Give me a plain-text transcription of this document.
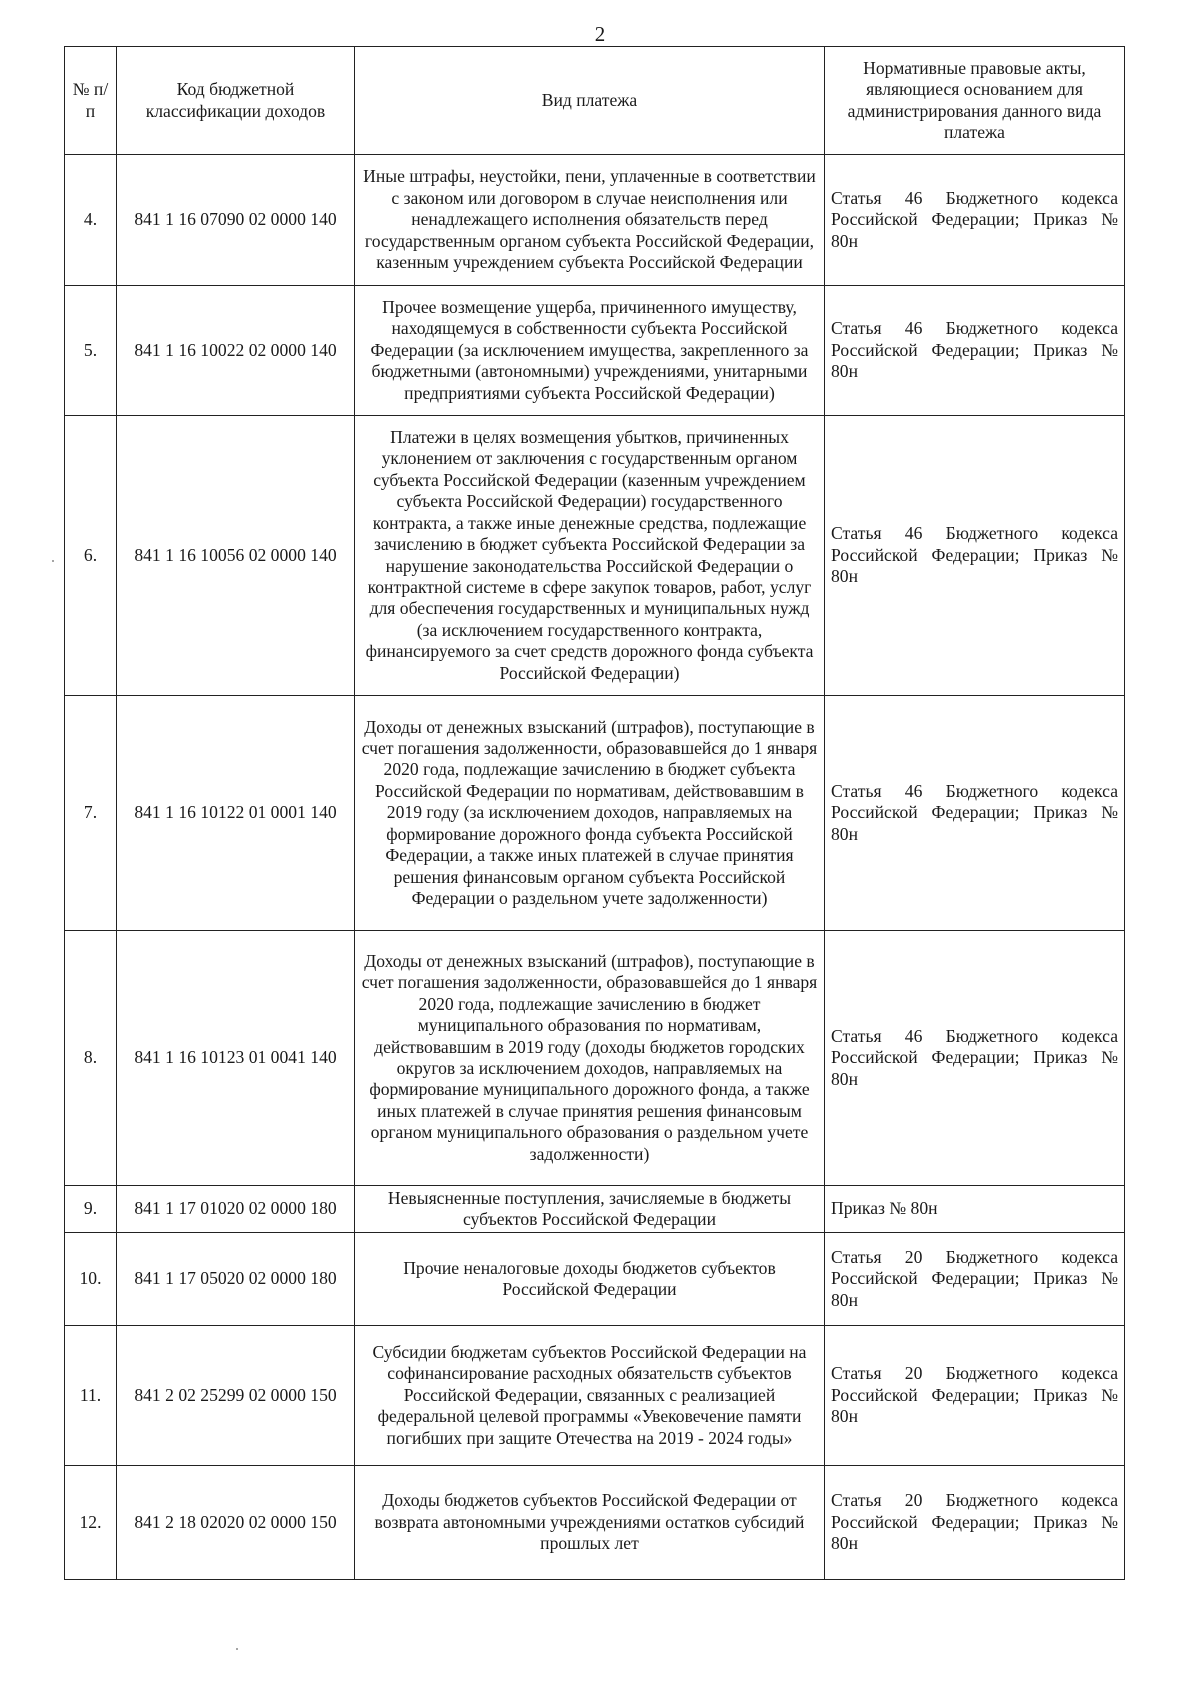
2
№ п/п	Код бюджетной классификации доходов	Вид платежа	Нормативные правовые акты, являющиеся основанием для администрирования данного вида платежа
4.	841 1 16 07090 02 0000 140	Иные штрафы, неустойки, пени, уплаченные в соответствии с законом или договором в случае неисполнения или ненадлежащего исполнения обязательств перед государственным органом субъекта Российской Федерации, казенным учреждением субъекта Российской Федерации	Статья 46 Бюджетного кодекса Российской Федерации; Приказ № 80н
5.	841 1 16 10022 02 0000 140	Прочее возмещение ущерба, причиненного имуществу, находящемуся в собственности субъекта Российской Федерации (за исключением имущества, закрепленного за бюджетными (автономными) учреждениями, унитарными предприятиями субъекта Российской Федерации)	Статья 46 Бюджетного кодекса Российской Федерации; Приказ № 80н
6.	841 1 16 10056 02 0000 140	Платежи в целях возмещения убытков, причиненных уклонением от заключения с государственным органом субъекта Российской Федерации (казенным учреждением субъекта Российской Федерации) государственного контракта, а также иные денежные средства, подлежащие зачислению в бюджет субъекта Российской Федерации за нарушение законодательства Российской Федерации о контрактной системе в сфере закупок товаров, работ, услуг для обеспечения государственных и муниципальных нужд (за исключением государственного контракта, финансируемого за счет средств дорожного фонда субъекта Российской Федерации)	Статья 46 Бюджетного кодекса Российской Федерации; Приказ № 80н
7.	841 1 16 10122 01 0001 140	Доходы от денежных взысканий (штрафов), поступающие в счет погашения задолженности, образовавшейся до 1 января 2020 года, подлежащие зачислению в бюджет субъекта Российской Федерации по нормативам, действовавшим в 2019 году (за исключением доходов, направляемых на формирование дорожного фонда субъекта Российской Федерации, а также иных платежей в случае принятия решения финансовым органом субъекта Российской Федерации о раздельном учете задолженности)	Статья 46 Бюджетного кодекса Российской Федерации; Приказ № 80н
8.	841 1 16 10123 01 0041 140	Доходы от денежных взысканий (штрафов), поступающие в счет погашения задолженности, образовавшейся до 1 января 2020 года, подлежащие зачислению в бюджет муниципального образования по нормативам, действовавшим в 2019 году (доходы бюджетов городских округов за исключением доходов, направляемых на формирование муниципального дорожного фонда, а также иных платежей в случае принятия решения финансовым органом муниципального образования о раздельном учете задолженности)	Статья 46 Бюджетного кодекса Российской Федерации; Приказ № 80н
9.	841 1 17 01020 02 0000 180	Невыясненные поступления, зачисляемые в бюджеты субъектов Российской Федерации	Приказ № 80н
10.	841 1 17 05020 02 0000 180	Прочие неналоговые доходы бюджетов субъектов Российской Федерации	Статья 20 Бюджетного кодекса Российской Федерации; Приказ № 80н
11.	841 2 02 25299 02 0000 150	Субсидии бюджетам субъектов Российской Федерации на софинансирование расходных обязательств субъектов Российской Федерации, связанных с реализацией федеральной целевой программы «Увековечение памяти погибших при защите Отечества на 2019 - 2024 годы»	Статья 20 Бюджетного кодекса Российской Федерации; Приказ № 80н
12.	841 2 18 02020 02 0000 150	Доходы бюджетов субъектов Российской Федерации от возврата автономными учреждениями остатков субсидий прошлых лет	Статья 20 Бюджетного кодекса Российской Федерации; Приказ № 80н
